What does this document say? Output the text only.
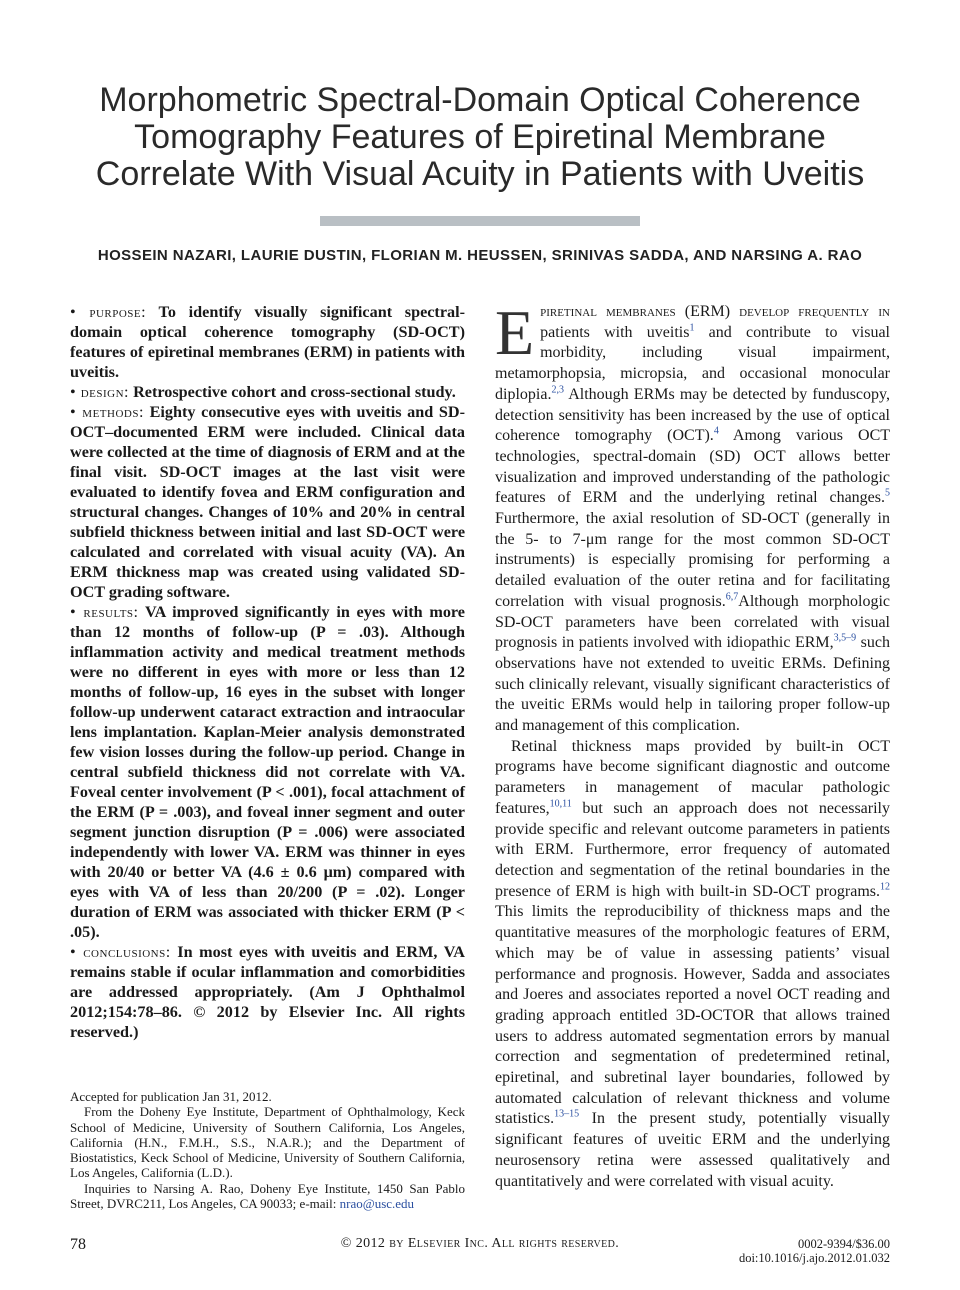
Morphometric Spectral-Domain Optical Coherence Tomography Features of Epiretinal Membrane Correlate With Visual Acuity in Patients with Uveitis
HOSSEIN NAZARI, LAURIE DUSTIN, FLORIAN M. HEUSSEN, SRINIVAS SADDA, AND NARSING A. RAO

• purpose: To identify visually significant spectral-domain optical coherence tomography (SD-OCT) features of epiretinal membranes (ERM) in patients with uveitis.

• design: Retrospective cohort and cross-sectional study.

• methods: Eighty consecutive eyes with uveitis and SD-OCT–documented ERM were included. Clinical data were collected at the time of diagnosis of ERM and at the final visit. SD-OCT images at the last visit were evaluated to identify fovea and ERM configuration and structural changes. Changes of 10% and 20% in central subfield thickness between initial and last SD-OCT were calculated and correlated with visual acuity (VA). An ERM thickness map was created using validated SD-OCT grading software.

• results: VA improved significantly in eyes with more than 12 months of follow-up (P = .03). Although inflammation activity and medical treatment methods were no different in eyes with more or less than 12 months of follow-up, 16 eyes in the subset with longer follow-up underwent cataract extraction and intraocular lens implantation. Kaplan-Meier analysis demonstrated few vision losses during the follow-up period. Change in central subfield thickness did not correlate with VA. Foveal center involvement (P < .001), focal attachment of the ERM (P = .003), and foveal inner segment and outer segment junction disruption (P = .006) were associated independently with lower VA. ERM was thinner in eyes with 20/40 or better VA (4.6 ± 0.6 μm) compared with eyes with VA of less than 20/200 (P = .02). Longer duration of ERM was associated with thicker ERM (P < .05).

• conclusions: In most eyes with uveitis and ERM, VA remains stable if ocular inflammation and comorbidities are addressed appropriately. (Am J Ophthalmol 2012;154:78–86. © 2012 by Elsevier Inc. All rights reserved.)

Accepted for publication Jan 31, 2012.

From the Doheny Eye Institute, Department of Ophthalmology, Keck School of Medicine, University of Southern California, Los Angeles, California (H.N., F.M.H., S.S., N.A.R.); and the Department of Biostatistics, Keck School of Medicine, University of Southern California, Los Angeles, California (L.D.).

Inquiries to Narsing A. Rao, Doheny Eye Institute, 1450 San Pablo Street, DVRC211, Los Angeles, CA 90033; e-mail: nrao@usc.edu

Epiretinal membranes (ERM) develop frequently in patients with uveitis$^1$ and contribute to visual morbidity, including visual impairment, metamorphopsia, micropsia, and occasional monocular diplopia.$^{2,3}$ Although ERMs may be detected by funduscopy, detection sensitivity has been increased by the use of optical coherence tomography (OCT).$^4$ Among various OCT technologies, spectral-domain (SD) OCT allows better visualization and improved understanding of the pathologic features of ERM and the underlying retinal changes.$^5$ Furthermore, the axial resolution of SD-OCT (generally in the 5- to 7-μm range for the most common SD-OCT instruments) is especially promising for performing a detailed evaluation of the outer retina and for facilitating correlation with visual prognosis.$^{6,7}$Although morphologic SD-OCT parameters have been correlated with visual prognosis in patients involved with idiopathic ERM,$^{3,5-9}$ such observations have not extended to uveitic ERMs. Defining such clinically relevant, visually significant characteristics of the uveitic ERMs would help in tailoring proper follow-up and management of this complication.

Retinal thickness maps provided by built-in OCT programs have become significant diagnostic and outcome parameters in management of macular pathologic features,$^{10,11}$ but such an approach does not necessarily provide specific and relevant outcome parameters in patients with ERM. Furthermore, error frequency of automated detection and segmentation of the retinal boundaries in the presence of ERM is high with built-in SD-OCT programs.$^{12}$ This limits the reproducibility of thickness maps and the quantitative measures of the morphologic features of ERM, which may be of value in assessing patients’ visual performance and prognosis. However, Sadda and associates and Joeres and associates reported a novel OCT reading and grading approach entitled 3D-OCTOR that allows trained users to address automated segmentation errors by manual correction and segmentation of predetermined retinal, epiretinal, and subretinal layer boundaries, followed by automated calculation of relevant thickness and volume statistics.$^{13-15}$ In the present study, potentially visually significant features of uveitic ERM and the underlying neurosensory retina were assessed qualitatively and quantitatively and were correlated with visual acuity.

78	© 2012 by Elsevier Inc. All rights reserved.	0002-9394/$36.00
doi:10.1016/j.ajo.2012.01.032
